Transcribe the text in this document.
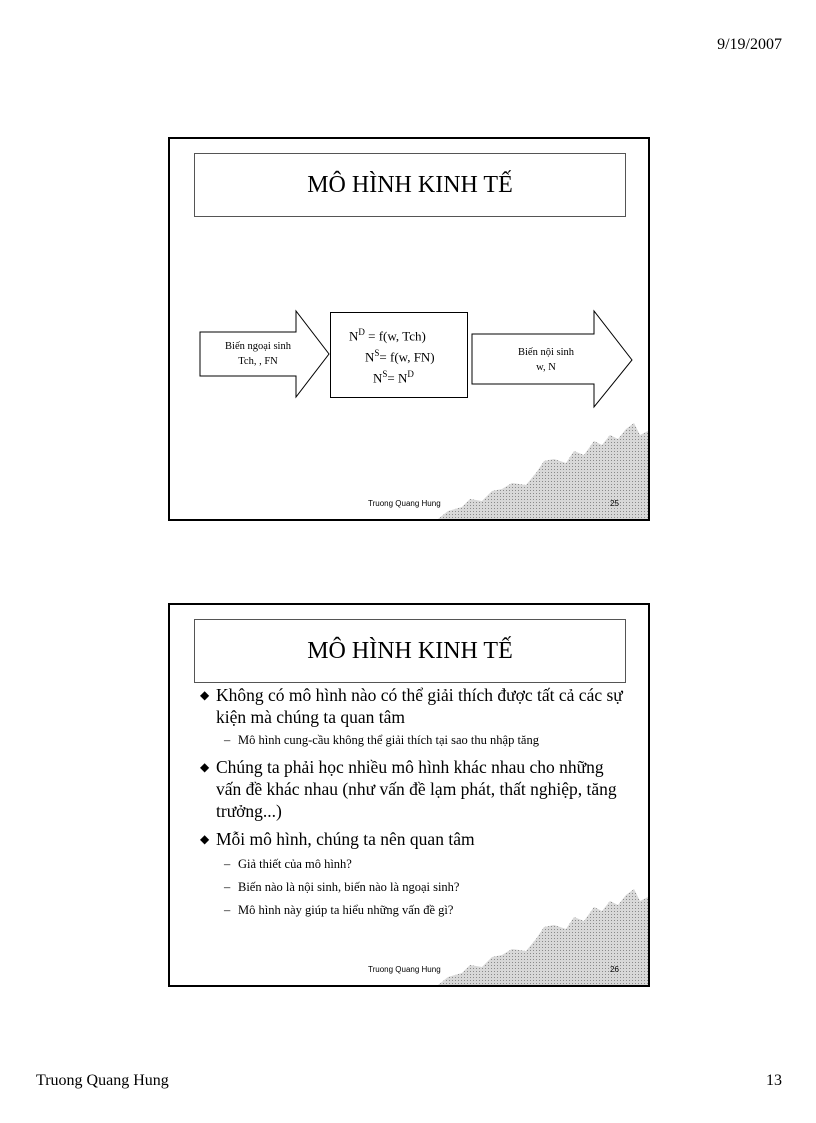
9/19/2007
MÔ HÌNH KINH TẾ
Biến ngoại sinh
Tch, , FN
$N^D = f(w$, Tch)
$N^S= f(w$, FN)
$N^S= N^D$
Biến nội sinh
w, N
Truong Quang Hung	25
MÔ HÌNH KINH TẾ
◆ Không có mô hình nào có thể giải thích được tất cả các sự kiện mà chúng ta quan tâm
– Mô hình cung-cầu không thể giải thích tại sao thu nhập tăng
◆ Chúng ta phải học nhiều mô hình khác nhau cho những vấn đề khác nhau (như vấn đề lạm phát, thất nghiệp, tăng trưởng...)
◆ Mỗi mô hình, chúng ta nên quan tâm
– Giả thiết của mô hình?
– Biến nào là nội sinh, biến nào là ngoại sinh?
– Mô hình này giúp ta hiểu những vấn đề gì?
Truong Quang Hung	26
Truong Quang Hung	13
